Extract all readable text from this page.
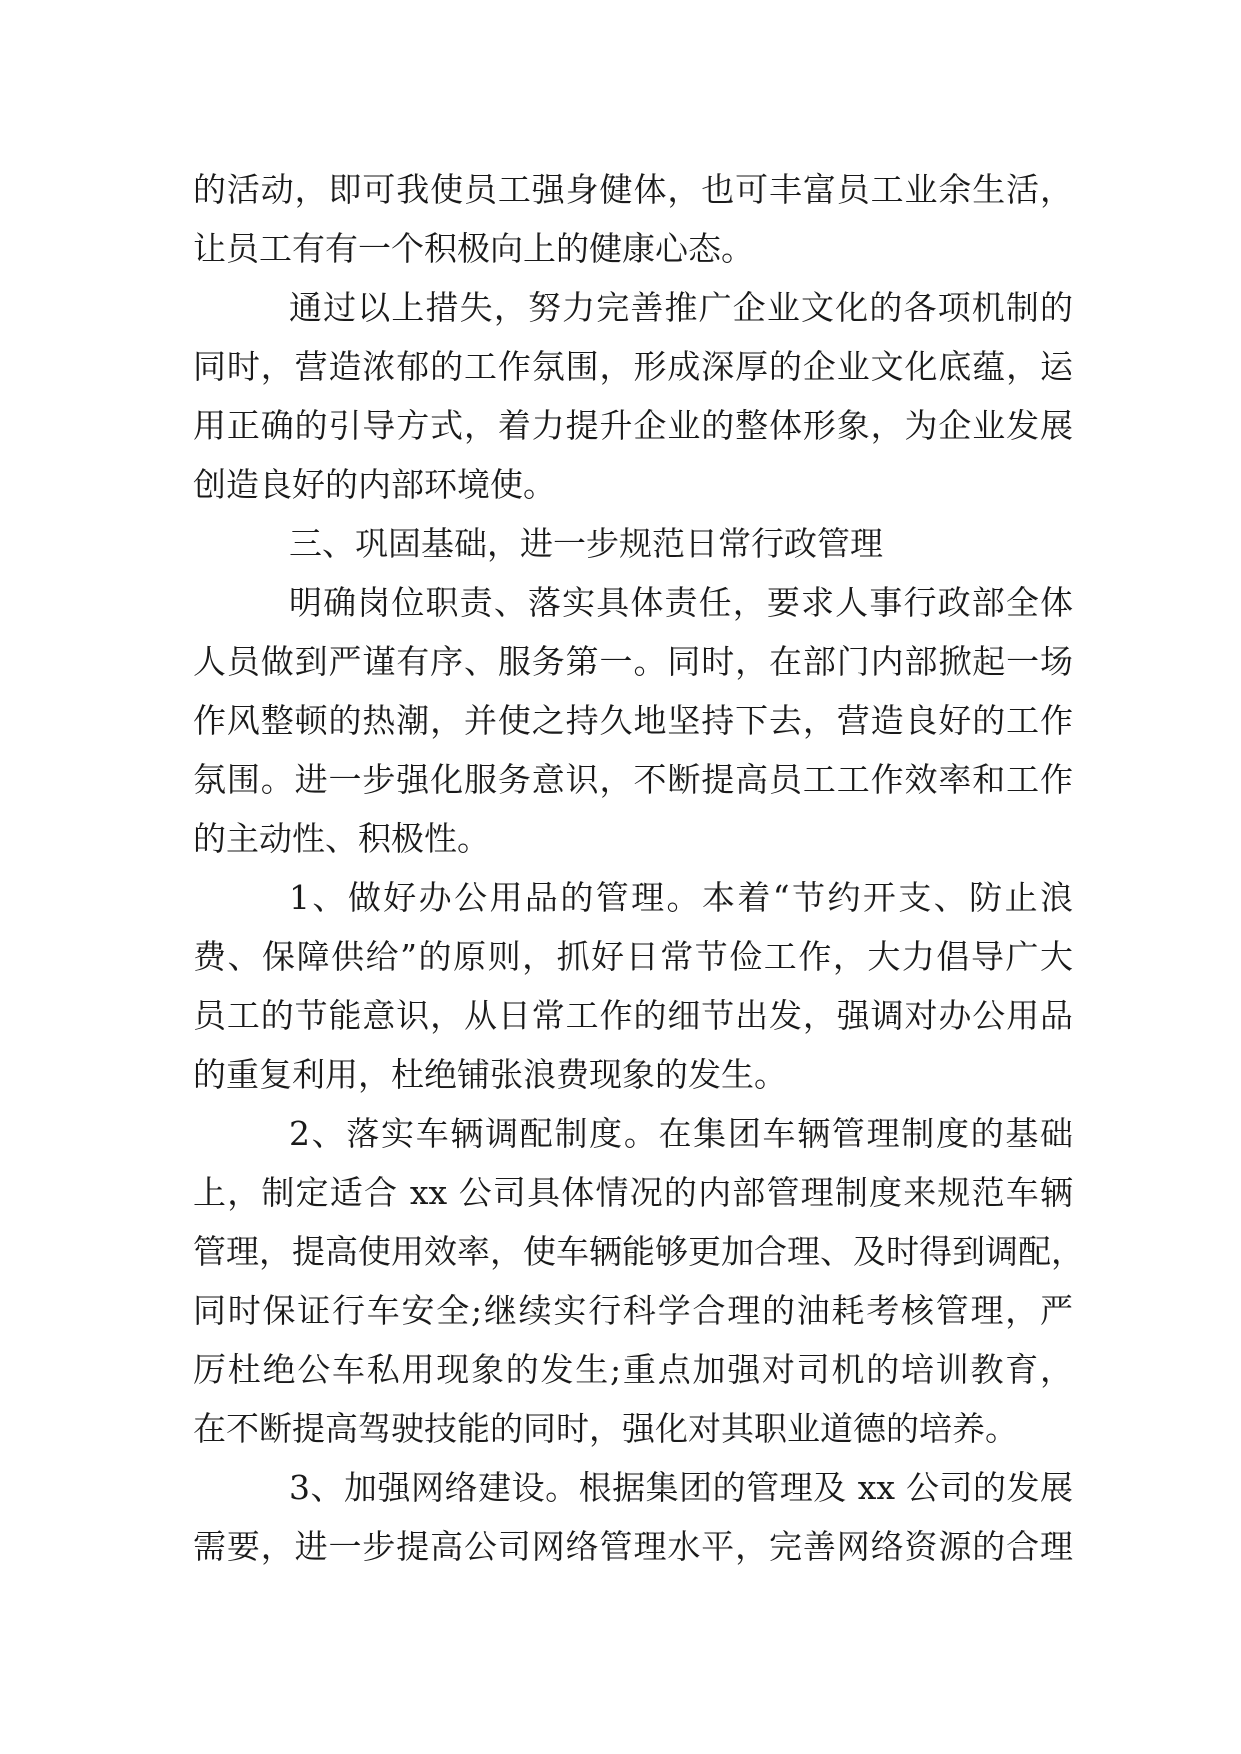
的活动，即可我使员工强身健体，也可丰富员工业余生活，
让员工有有一个积极向上的健康心态。
通过以上措失，努力完善推广企业文化的各项机制的
同时，营造浓郁的工作氛围，形成深厚的企业文化底蕴，运
用正确的引导方式，着力提升企业的整体形象，为企业发展
创造良好的内部环境使。
三、巩固基础，进一步规范日常行政管理
明确岗位职责、落实具体责任，要求人事行政部全体
人员做到严谨有序、服务第一。同时，在部门内部掀起一场
作风整顿的热潮，并使之持久地坚持下去，营造良好的工作
氛围。进一步强化服务意识，不断提高员工工作效率和工作
的主动性、积极性。
1、做好办公用品的管理。本着“节约开支、防止浪
费、保障供给”的原则，抓好日常节俭工作，大力倡导广大
员工的节能意识，从日常工作的细节出发，强调对办公用品
的重复利用，杜绝铺张浪费现象的发生。
2、落实车辆调配制度。在集团车辆管理制度的基础
上，制定适合 xx 公司具体情况的内部管理制度来规范车辆
管理，提高使用效率，使车辆能够更加合理、及时得到调配，
同时保证行车安全;继续实行科学合理的油耗考核管理，严
厉杜绝公车私用现象的发生;重点加强对司机的培训教育，
在不断提高驾驶技能的同时，强化对其职业道德的培养。
3、加强网络建设。根据集团的管理及 xx 公司的发展
需要，进一步提高公司网络管理水平，完善网络资源的合理
